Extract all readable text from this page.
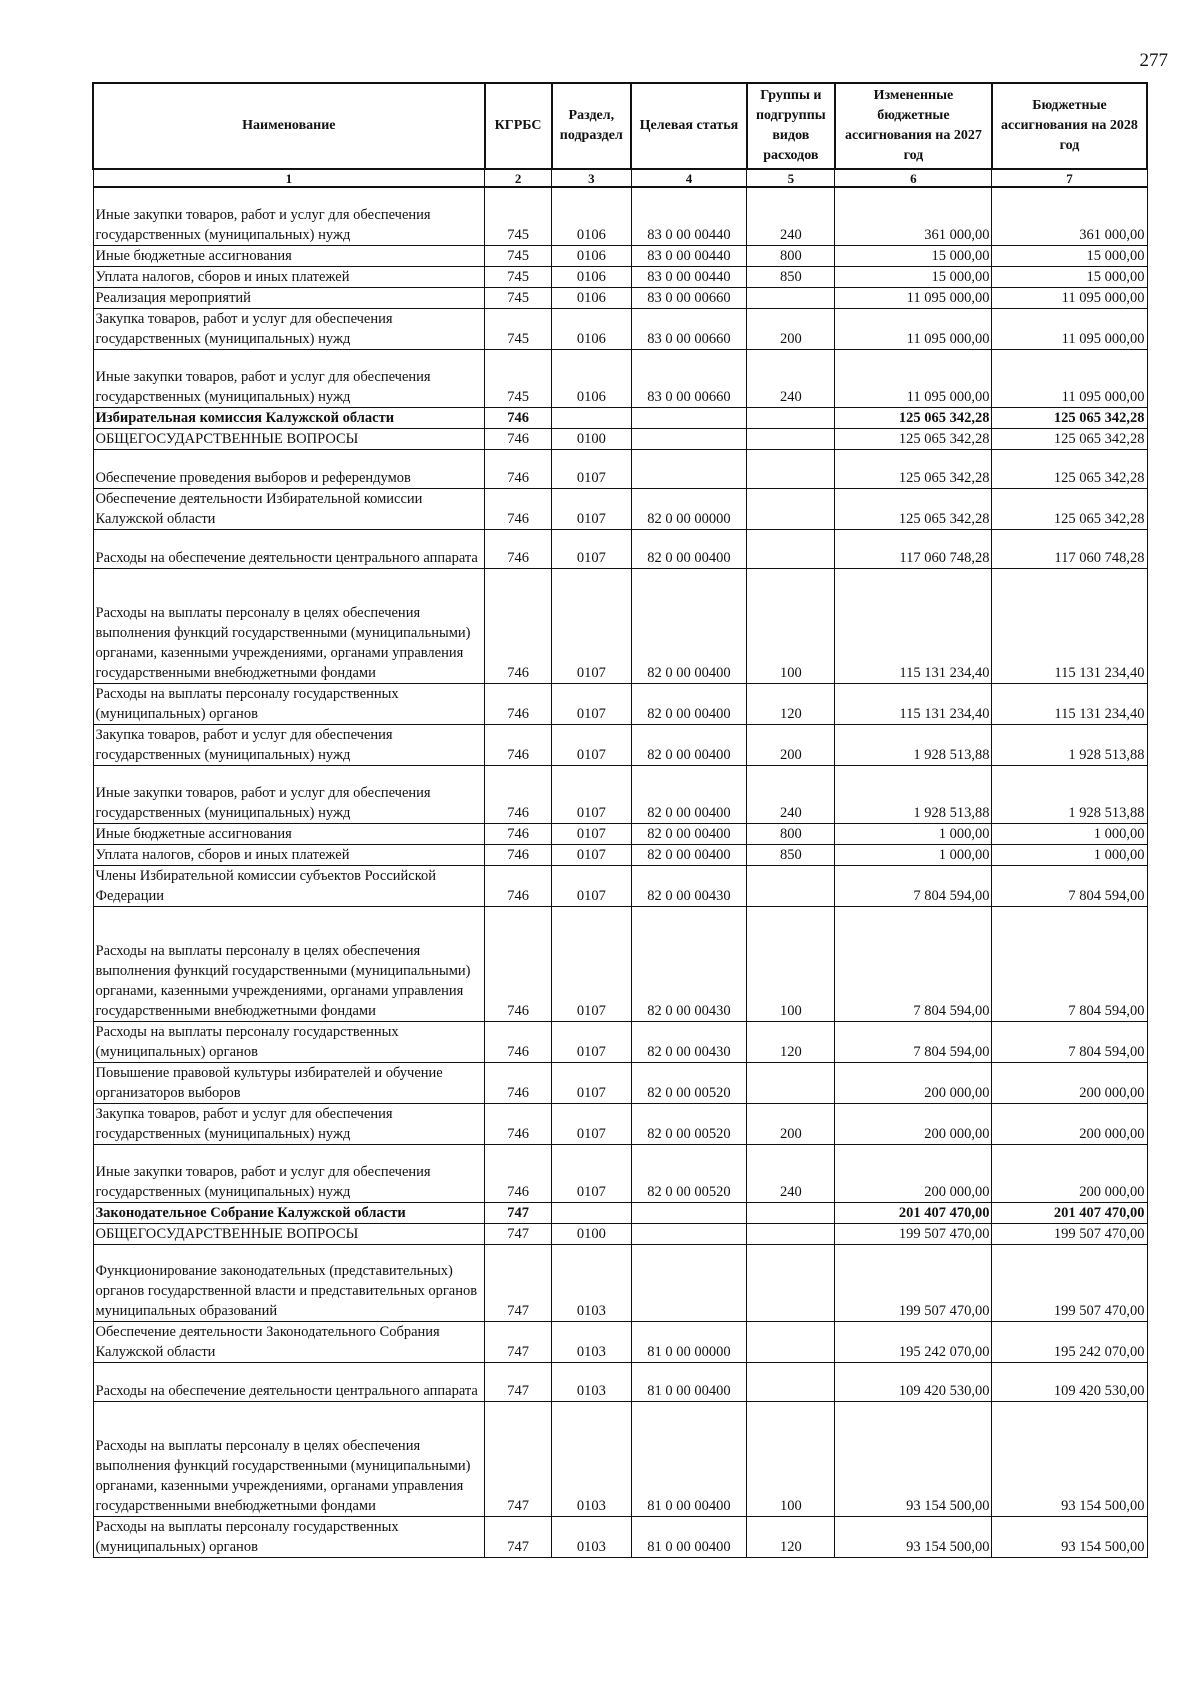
277
Наименование	КГРБС	Раздел, подраздел	Целевая статья	Группы и подгруппы видов расходов	Измененные бюджетные ассигнования на 2027 год	Бюджетные ассигнования на 2028 год
1	2	3	4	5	6	7
Иные закупки товаров, работ и услуг для обеспечения государственных (муниципальных) нужд	745	0106	83 0 00 00440	240	361 000,00	361 000,00
Иные бюджетные ассигнования	745	0106	83 0 00 00440	800	15 000,00	15 000,00
Уплата налогов, сборов и иных платежей	745	0106	83 0 00 00440	850	15 000,00	15 000,00
Реализация мероприятий	745	0106	83 0 00 00660		11 095 000,00	11 095 000,00
Закупка товаров, работ и услуг для обеспечения государственных (муниципальных) нужд	745	0106	83 0 00 00660	200	11 095 000,00	11 095 000,00
Иные закупки товаров, работ и услуг для обеспечения государственных (муниципальных) нужд	745	0106	83 0 00 00660	240	11 095 000,00	11 095 000,00
Избирательная комиссия Калужской области	746				125 065 342,28	125 065 342,28
ОБЩЕГОСУДАРСТВЕННЫЕ ВОПРОСЫ	746	0100			125 065 342,28	125 065 342,28
Обеспечение проведения выборов и референдумов	746	0107			125 065 342,28	125 065 342,28
Обеспечение деятельности Избирательной комиссии Калужской области	746	0107	82 0 00 00000		125 065 342,28	125 065 342,28
Расходы на обеспечение деятельности центрального аппарата	746	0107	82 0 00 00400		117 060 748,28	117 060 748,28
Расходы на выплаты персоналу в целях обеспечения выполнения функций государственными (муниципальными) органами, казенными учреждениями, органами управления государственными внебюджетными фондами	746	0107	82 0 00 00400	100	115 131 234,40	115 131 234,40
Расходы на выплаты персоналу государственных (муниципальных) органов	746	0107	82 0 00 00400	120	115 131 234,40	115 131 234,40
Закупка товаров, работ и услуг для обеспечения государственных (муниципальных) нужд	746	0107	82 0 00 00400	200	1 928 513,88	1 928 513,88
Иные закупки товаров, работ и услуг для обеспечения государственных (муниципальных) нужд	746	0107	82 0 00 00400	240	1 928 513,88	1 928 513,88
Иные бюджетные ассигнования	746	0107	82 0 00 00400	800	1 000,00	1 000,00
Уплата налогов, сборов и иных платежей	746	0107	82 0 00 00400	850	1 000,00	1 000,00
Члены Избирательной комиссии субъектов Российской Федерации	746	0107	82 0 00 00430		7 804 594,00	7 804 594,00
Расходы на выплаты персоналу в целях обеспечения выполнения функций государственными (муниципальными) органами, казенными учреждениями, органами управления государственными внебюджетными фондами	746	0107	82 0 00 00430	100	7 804 594,00	7 804 594,00
Расходы на выплаты персоналу государственных (муниципальных) органов	746	0107	82 0 00 00430	120	7 804 594,00	7 804 594,00
Повышение правовой культуры избирателей и обучение организаторов выборов	746	0107	82 0 00 00520		200 000,00	200 000,00
Закупка товаров, работ и услуг для обеспечения государственных (муниципальных) нужд	746	0107	82 0 00 00520	200	200 000,00	200 000,00
Иные закупки товаров, работ и услуг для обеспечения государственных (муниципальных) нужд	746	0107	82 0 00 00520	240	200 000,00	200 000,00
Законодательное Собрание Калужской области	747				201 407 470,00	201 407 470,00
ОБЩЕГОСУДАРСТВЕННЫЕ ВОПРОСЫ	747	0100			199 507 470,00	199 507 470,00
Функционирование законодательных (представительных) органов государственной власти и представительных органов муниципальных образований	747	0103			199 507 470,00	199 507 470,00
Обеспечение деятельности Законодательного Собрания Калужской области	747	0103	81 0 00 00000		195 242 070,00	195 242 070,00
Расходы на обеспечение деятельности центрального аппарата	747	0103	81 0 00 00400		109 420 530,00	109 420 530,00
Расходы на выплаты персоналу в целях обеспечения выполнения функций государственными (муниципальными) органами, казенными учреждениями, органами управления государственными внебюджетными фондами	747	0103	81 0 00 00400	100	93 154 500,00	93 154 500,00
Расходы на выплаты персоналу государственных (муниципальных) органов	747	0103	81 0 00 00400	120	93 154 500,00	93 154 500,00
